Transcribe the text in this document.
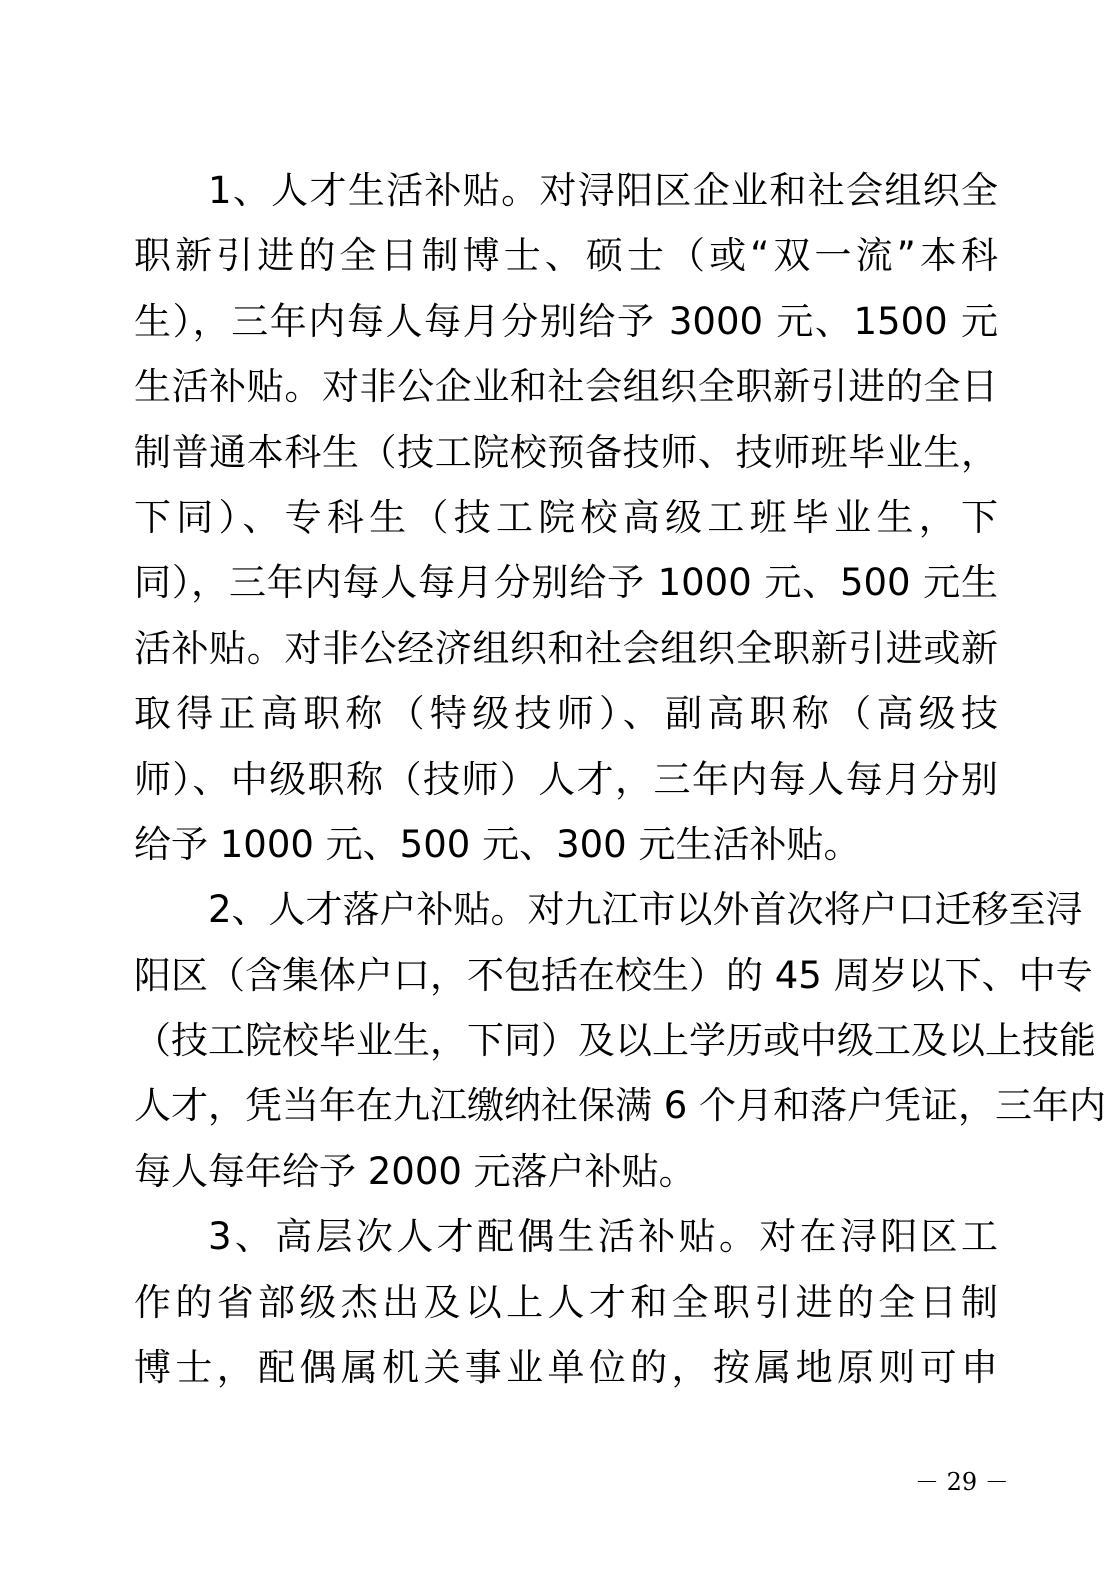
1、人才生活补贴。对浔阳区企业和社会组织全
职新引进的全日制博士、硕士（或“双一流”本科
生），三年内每人每月分别给予 3000 元、1500 元
生活补贴。对非公企业和社会组织全职新引进的全日
制普通本科生（技工院校预备技师、技师班毕业生，
下同）、专科生（技工院校高级工班毕业生，下
同），三年内每人每月分别给予 1000 元、500 元生
活补贴。对非公经济组织和社会组织全职新引进或新
取得正高职称（特级技师）、副高职称（高级技
师）、中级职称（技师）人才，三年内每人每月分别
给予 1000 元、500 元、300 元生活补贴。
2、人才落户补贴。对九江市以外首次将户口迁移至浔
阳区（含集体户口，不包括在校生）的 45 周岁以下、中专
（技工院校毕业生，下同）及以上学历或中级工及以上技能
人才，凭当年在九江缴纳社保满 6 个月和落户凭证，三年内
每人每年给予 2000 元落户补贴。
3、高层次人才配偶生活补贴。对在浔阳区工
作的省部级杰出及以上人才和全职引进的全日制
博士，配偶属机关事业单位的，按属地原则可申
－ 29 －
